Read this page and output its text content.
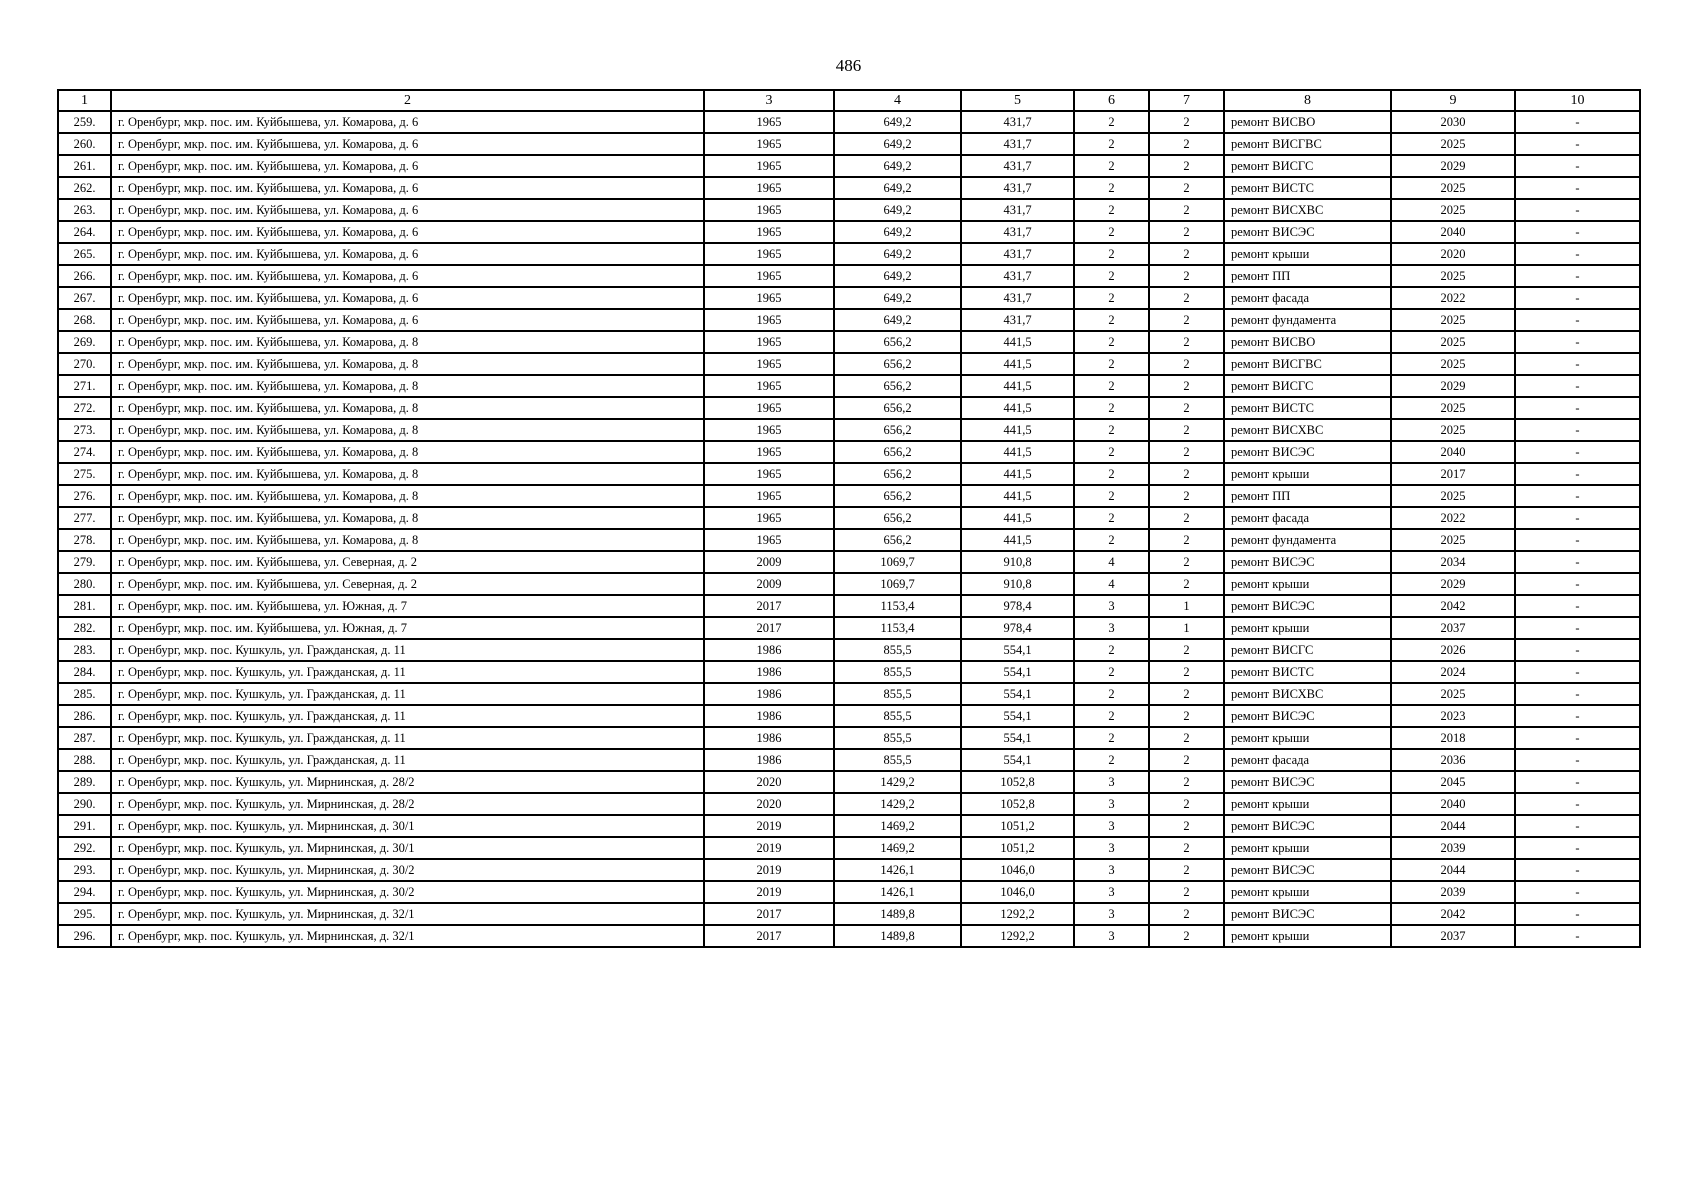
486
1	2	3	4	5	6	7	8	9	10
259.	г. Оренбург, мкр. пос. им. Куйбышева, ул. Комарова, д. 6	1965	649,2	431,7	2	2	ремонт ВИСВО	2030	-
260.	г. Оренбург, мкр. пос. им. Куйбышева, ул. Комарова, д. 6	1965	649,2	431,7	2	2	ремонт ВИСГВС	2025	-
261.	г. Оренбург, мкр. пос. им. Куйбышева, ул. Комарова, д. 6	1965	649,2	431,7	2	2	ремонт ВИСГС	2029	-
262.	г. Оренбург, мкр. пос. им. Куйбышева, ул. Комарова, д. 6	1965	649,2	431,7	2	2	ремонт ВИСТС	2025	-
263.	г. Оренбург, мкр. пос. им. Куйбышева, ул. Комарова, д. 6	1965	649,2	431,7	2	2	ремонт ВИСХВС	2025	-
264.	г. Оренбург, мкр. пос. им. Куйбышева, ул. Комарова, д. 6	1965	649,2	431,7	2	2	ремонт ВИСЭС	2040	-
265.	г. Оренбург, мкр. пос. им. Куйбышева, ул. Комарова, д. 6	1965	649,2	431,7	2	2	ремонт крыши	2020	-
266.	г. Оренбург, мкр. пос. им. Куйбышева, ул. Комарова, д. 6	1965	649,2	431,7	2	2	ремонт ПП	2025	-
267.	г. Оренбург, мкр. пос. им. Куйбышева, ул. Комарова, д. 6	1965	649,2	431,7	2	2	ремонт фасада	2022	-
268.	г. Оренбург, мкр. пос. им. Куйбышева, ул. Комарова, д. 6	1965	649,2	431,7	2	2	ремонт фундамента	2025	-
269.	г. Оренбург, мкр. пос. им. Куйбышева, ул. Комарова, д. 8	1965	656,2	441,5	2	2	ремонт ВИСВО	2025	-
270.	г. Оренбург, мкр. пос. им. Куйбышева, ул. Комарова, д. 8	1965	656,2	441,5	2	2	ремонт ВИСГВС	2025	-
271.	г. Оренбург, мкр. пос. им. Куйбышева, ул. Комарова, д. 8	1965	656,2	441,5	2	2	ремонт ВИСГС	2029	-
272.	г. Оренбург, мкр. пос. им. Куйбышева, ул. Комарова, д. 8	1965	656,2	441,5	2	2	ремонт ВИСТС	2025	-
273.	г. Оренбург, мкр. пос. им. Куйбышева, ул. Комарова, д. 8	1965	656,2	441,5	2	2	ремонт ВИСХВС	2025	-
274.	г. Оренбург, мкр. пос. им. Куйбышева, ул. Комарова, д. 8	1965	656,2	441,5	2	2	ремонт ВИСЭС	2040	-
275.	г. Оренбург, мкр. пос. им. Куйбышева, ул. Комарова, д. 8	1965	656,2	441,5	2	2	ремонт крыши	2017	-
276.	г. Оренбург, мкр. пос. им. Куйбышева, ул. Комарова, д. 8	1965	656,2	441,5	2	2	ремонт ПП	2025	-
277.	г. Оренбург, мкр. пос. им. Куйбышева, ул. Комарова, д. 8	1965	656,2	441,5	2	2	ремонт фасада	2022	-
278.	г. Оренбург, мкр. пос. им. Куйбышева, ул. Комарова, д. 8	1965	656,2	441,5	2	2	ремонт фундамента	2025	-
279.	г. Оренбург, мкр. пос. им. Куйбышева, ул. Северная, д. 2	2009	1069,7	910,8	4	2	ремонт ВИСЭС	2034	-
280.	г. Оренбург, мкр. пос. им. Куйбышева, ул. Северная, д. 2	2009	1069,7	910,8	4	2	ремонт крыши	2029	-
281.	г. Оренбург, мкр. пос. им. Куйбышева, ул. Южная, д. 7	2017	1153,4	978,4	3	1	ремонт ВИСЭС	2042	-
282.	г. Оренбург, мкр. пос. им. Куйбышева, ул. Южная, д. 7	2017	1153,4	978,4	3	1	ремонт крыши	2037	-
283.	г. Оренбург, мкр. пос. Кушкуль, ул. Гражданская, д. 11	1986	855,5	554,1	2	2	ремонт ВИСГС	2026	-
284.	г. Оренбург, мкр. пос. Кушкуль, ул. Гражданская, д. 11	1986	855,5	554,1	2	2	ремонт ВИСТС	2024	-
285.	г. Оренбург, мкр. пос. Кушкуль, ул. Гражданская, д. 11	1986	855,5	554,1	2	2	ремонт ВИСХВС	2025	-
286.	г. Оренбург, мкр. пос. Кушкуль, ул. Гражданская, д. 11	1986	855,5	554,1	2	2	ремонт ВИСЭС	2023	-
287.	г. Оренбург, мкр. пос. Кушкуль, ул. Гражданская, д. 11	1986	855,5	554,1	2	2	ремонт крыши	2018	-
288.	г. Оренбург, мкр. пос. Кушкуль, ул. Гражданская, д. 11	1986	855,5	554,1	2	2	ремонт фасада	2036	-
289.	г. Оренбург, мкр. пос. Кушкуль, ул. Мирнинская, д. 28/2	2020	1429,2	1052,8	3	2	ремонт ВИСЭС	2045	-
290.	г. Оренбург, мкр. пос. Кушкуль, ул. Мирнинская, д. 28/2	2020	1429,2	1052,8	3	2	ремонт крыши	2040	-
291.	г. Оренбург, мкр. пос. Кушкуль, ул. Мирнинская, д. 30/1	2019	1469,2	1051,2	3	2	ремонт ВИСЭС	2044	-
292.	г. Оренбург, мкр. пос. Кушкуль, ул. Мирнинская, д. 30/1	2019	1469,2	1051,2	3	2	ремонт крыши	2039	-
293.	г. Оренбург, мкр. пос. Кушкуль, ул. Мирнинская, д. 30/2	2019	1426,1	1046,0	3	2	ремонт ВИСЭС	2044	-
294.	г. Оренбург, мкр. пос. Кушкуль, ул. Мирнинская, д. 30/2	2019	1426,1	1046,0	3	2	ремонт крыши	2039	-
295.	г. Оренбург, мкр. пос. Кушкуль, ул. Мирнинская, д. 32/1	2017	1489,8	1292,2	3	2	ремонт ВИСЭС	2042	-
296.	г. Оренбург, мкр. пос. Кушкуль, ул. Мирнинская, д. 32/1	2017	1489,8	1292,2	3	2	ремонт крыши	2037	-
